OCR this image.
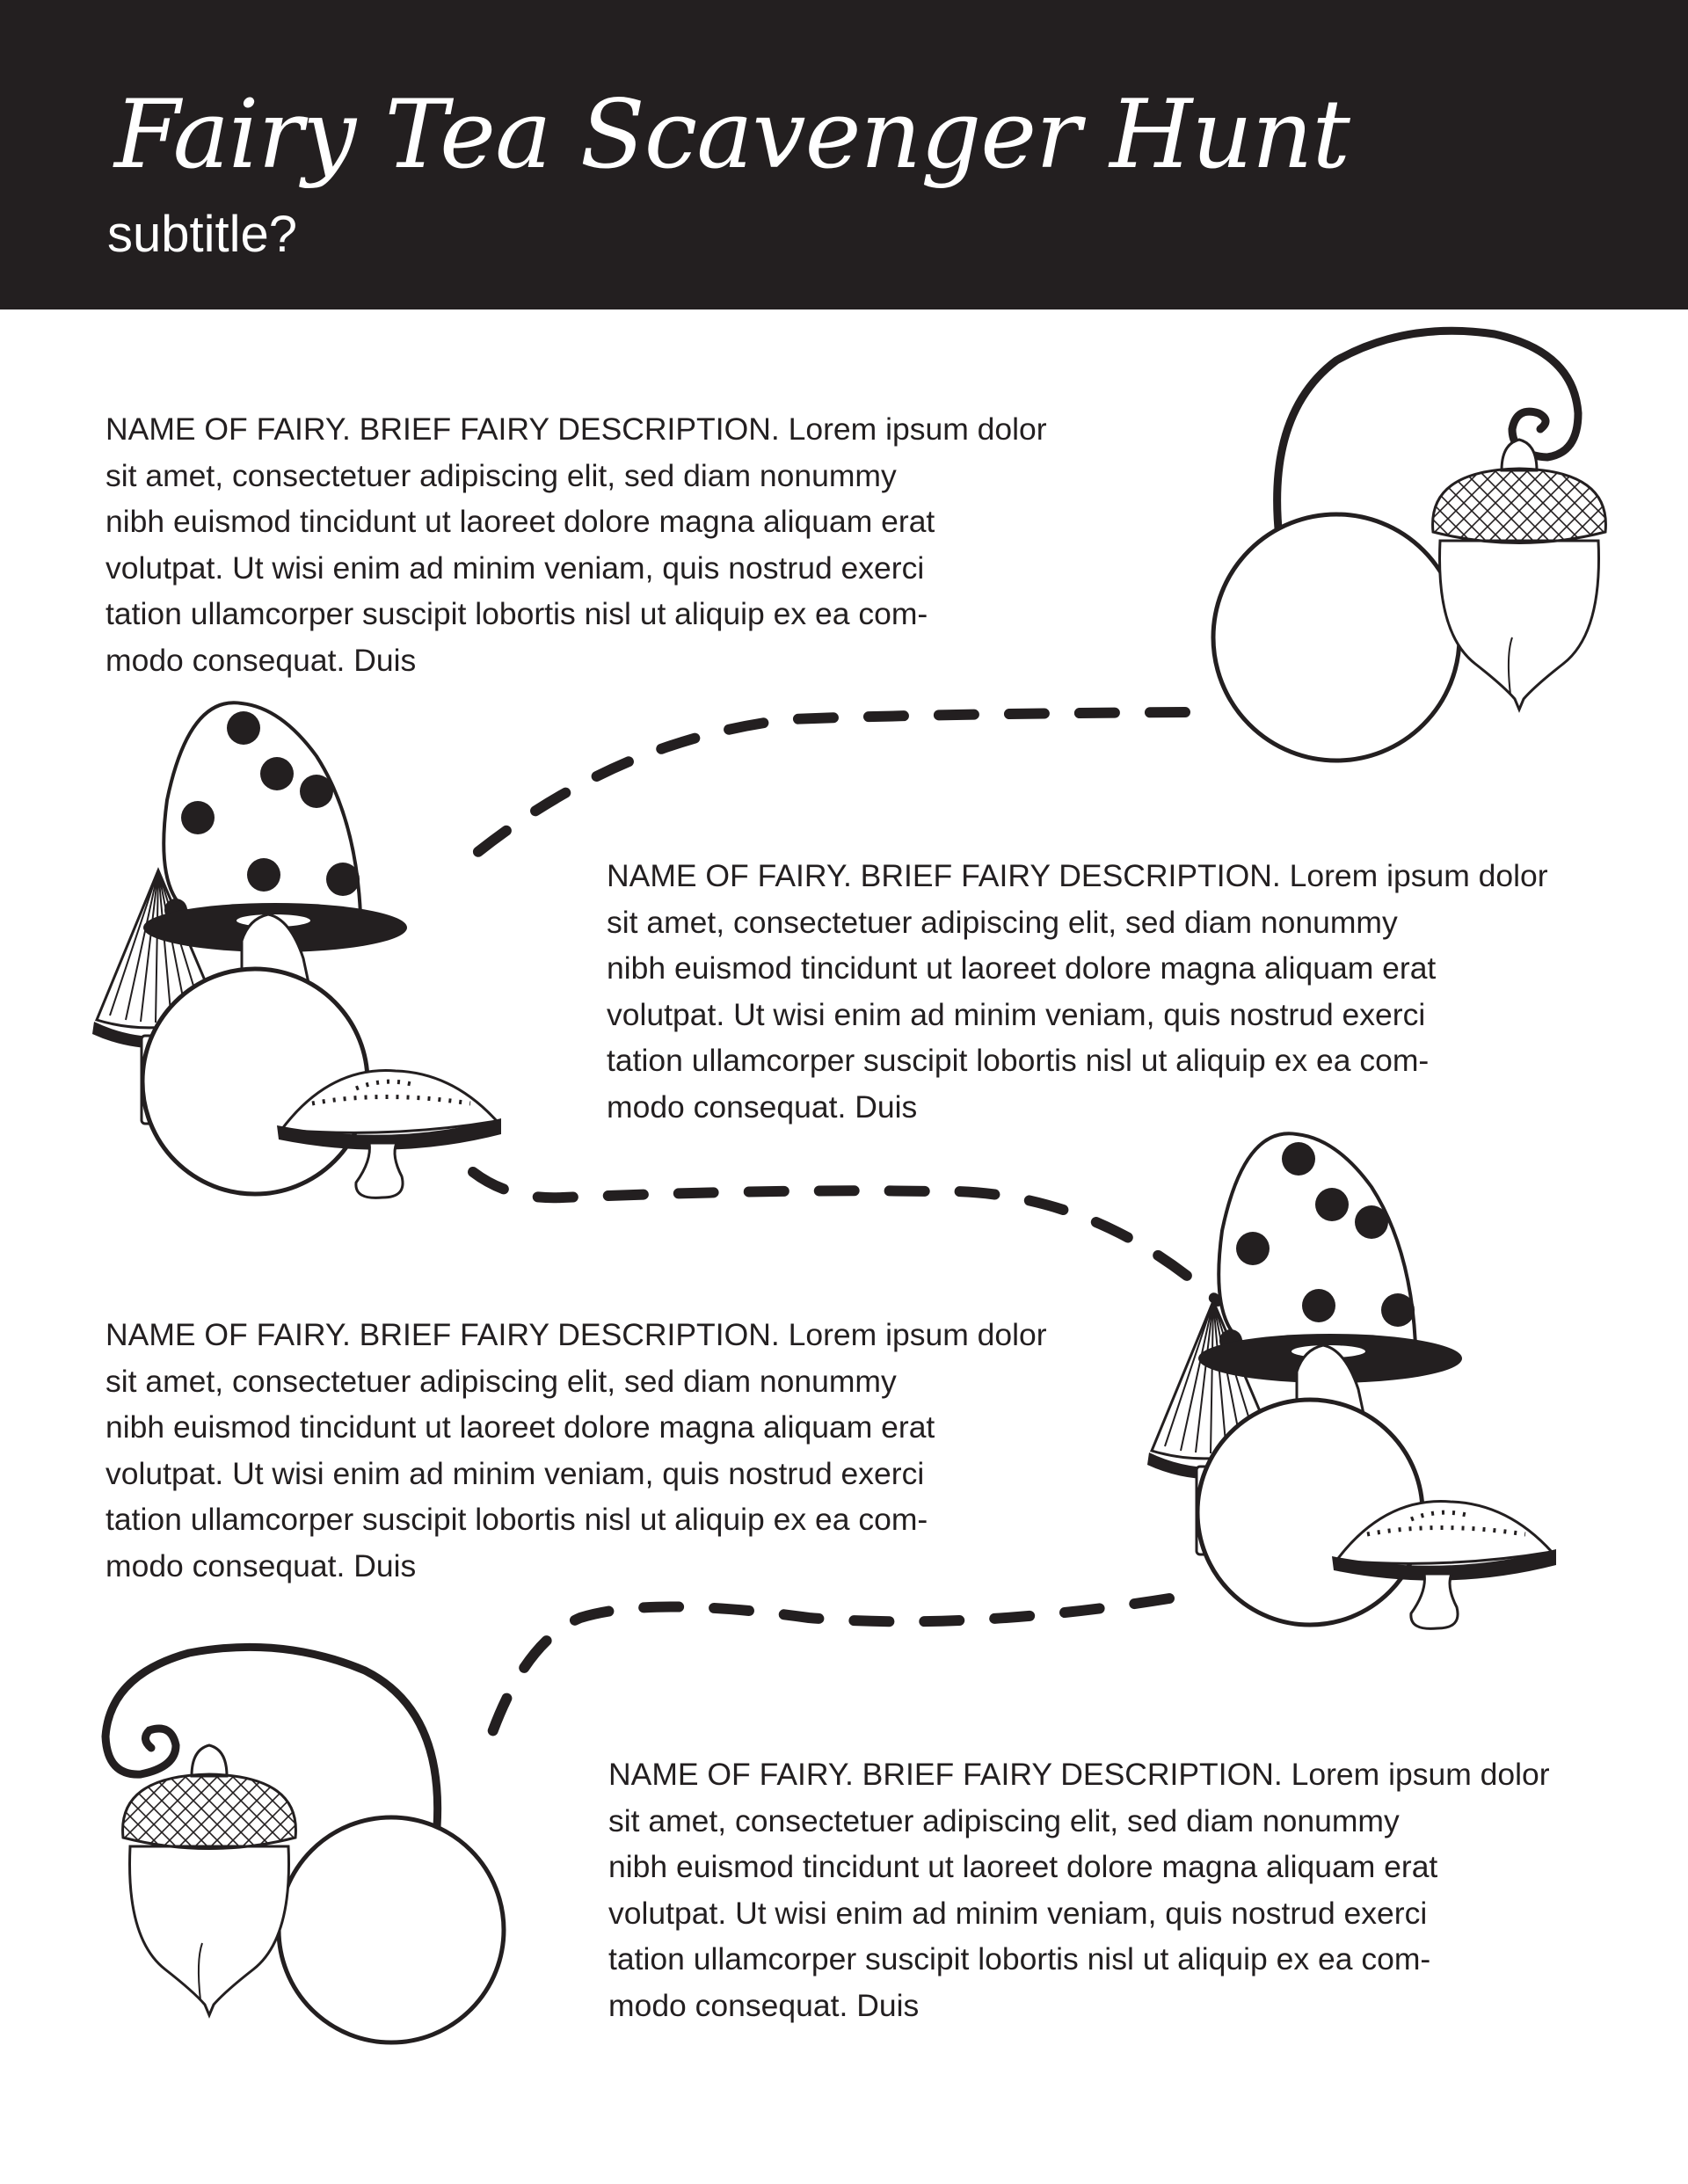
Fairy Tea Scavenger Hunt
subtitle?
NAME OF FAIRY. BRIEF FAIRY DESCRIPTION. Lorem ipsum dolor
sit amet, consectetuer adipiscing elit, sed diam nonummy
nibh euismod tincidunt ut laoreet dolore magna aliquam erat
volutpat. Ut wisi enim ad minim veniam, quis nostrud exerci
tation ullamcorper suscipit lobortis nisl ut aliquip ex ea com-
modo consequat. Duis
NAME OF FAIRY. BRIEF FAIRY DESCRIPTION. Lorem ipsum dolor
sit amet, consectetuer adipiscing elit, sed diam nonummy
nibh euismod tincidunt ut laoreet dolore magna aliquam erat
volutpat. Ut wisi enim ad minim veniam, quis nostrud exerci
tation ullamcorper suscipit lobortis nisl ut aliquip ex ea com-
modo consequat. Duis
NAME OF FAIRY. BRIEF FAIRY DESCRIPTION. Lorem ipsum dolor
sit amet, consectetuer adipiscing elit, sed diam nonummy
nibh euismod tincidunt ut laoreet dolore magna aliquam erat
volutpat. Ut wisi enim ad minim veniam, quis nostrud exerci
tation ullamcorper suscipit lobortis nisl ut aliquip ex ea com-
modo consequat. Duis
NAME OF FAIRY. BRIEF FAIRY DESCRIPTION. Lorem ipsum dolor
sit amet, consectetuer adipiscing elit, sed diam nonummy
nibh euismod tincidunt ut laoreet dolore magna aliquam erat
volutpat. Ut wisi enim ad minim veniam, quis nostrud exerci
tation ullamcorper suscipit lobortis nisl ut aliquip ex ea com-
modo consequat. Duis
